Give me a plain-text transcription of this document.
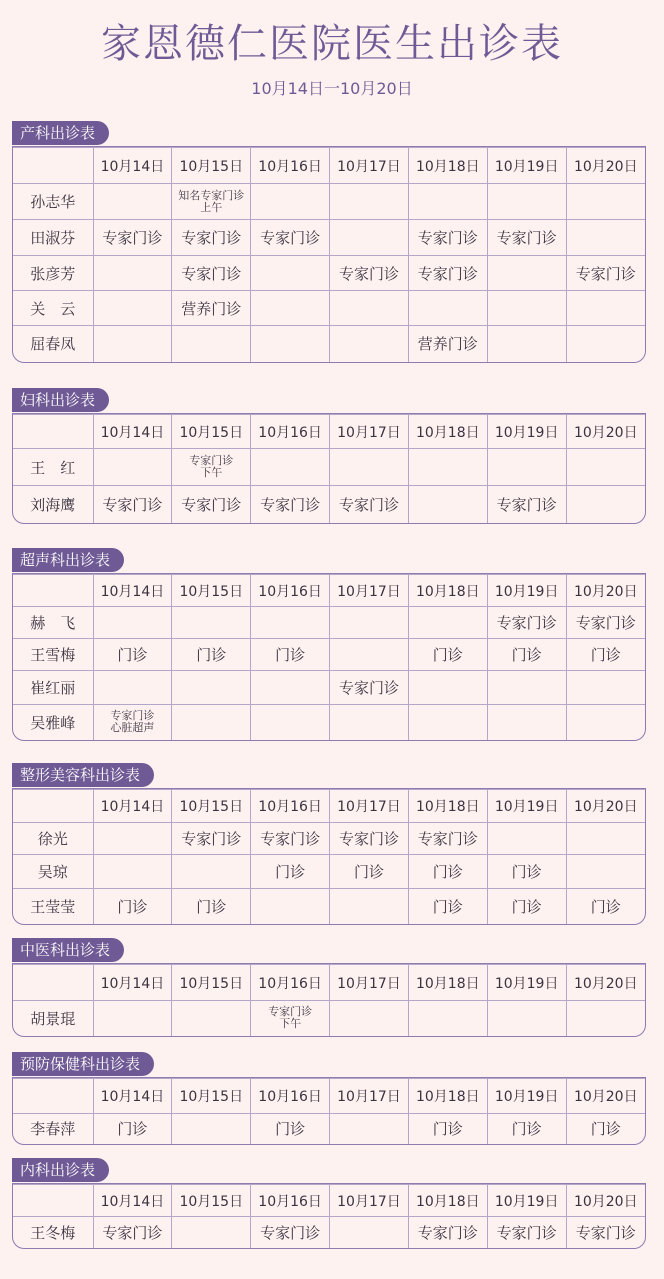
家恩德仁医院医生出诊表
10月14日一10月20日
产科出诊表
	10月14日	10月15日	10月16日	10月17日	10月18日	10月19日	10月20日
孙志华		知名专家门诊
上午					
田淑芬	专家门诊	专家门诊	专家门诊		专家门诊	专家门诊	
张彦芳		专家门诊		专家门诊	专家门诊		专家门诊
关　云		营养门诊					
屈春凤					营养门诊		
妇科出诊表
	10月14日	10月15日	10月16日	10月17日	10月18日	10月19日	10月20日
王　红		专家门诊
下午					
刘海鹰	专家门诊	专家门诊	专家门诊	专家门诊		专家门诊	
超声科出诊表
	10月14日	10月15日	10月16日	10月17日	10月18日	10月19日	10月20日
赫　飞						专家门诊	专家门诊
王雪梅	门诊	门诊	门诊		门诊	门诊	门诊
崔红丽				专家门诊			
吴雅峰	专家门诊
心脏超声						
整形美容科出诊表
	10月14日	10月15日	10月16日	10月17日	10月18日	10月19日	10月20日
徐光		专家门诊	专家门诊	专家门诊	专家门诊		
吴琼			门诊	门诊	门诊	门诊	
王莹莹	门诊	门诊			门诊	门诊	门诊
中医科出诊表
	10月14日	10月15日	10月16日	10月17日	10月18日	10月19日	10月20日
胡景琨			专家门诊
下午				
预防保健科出诊表
	10月14日	10月15日	10月16日	10月17日	10月18日	10月19日	10月20日
李春萍	门诊		门诊		门诊	门诊	门诊
内科出诊表
	10月14日	10月15日	10月16日	10月17日	10月18日	10月19日	10月20日
王冬梅	专家门诊		专家门诊		专家门诊	专家门诊	专家门诊
